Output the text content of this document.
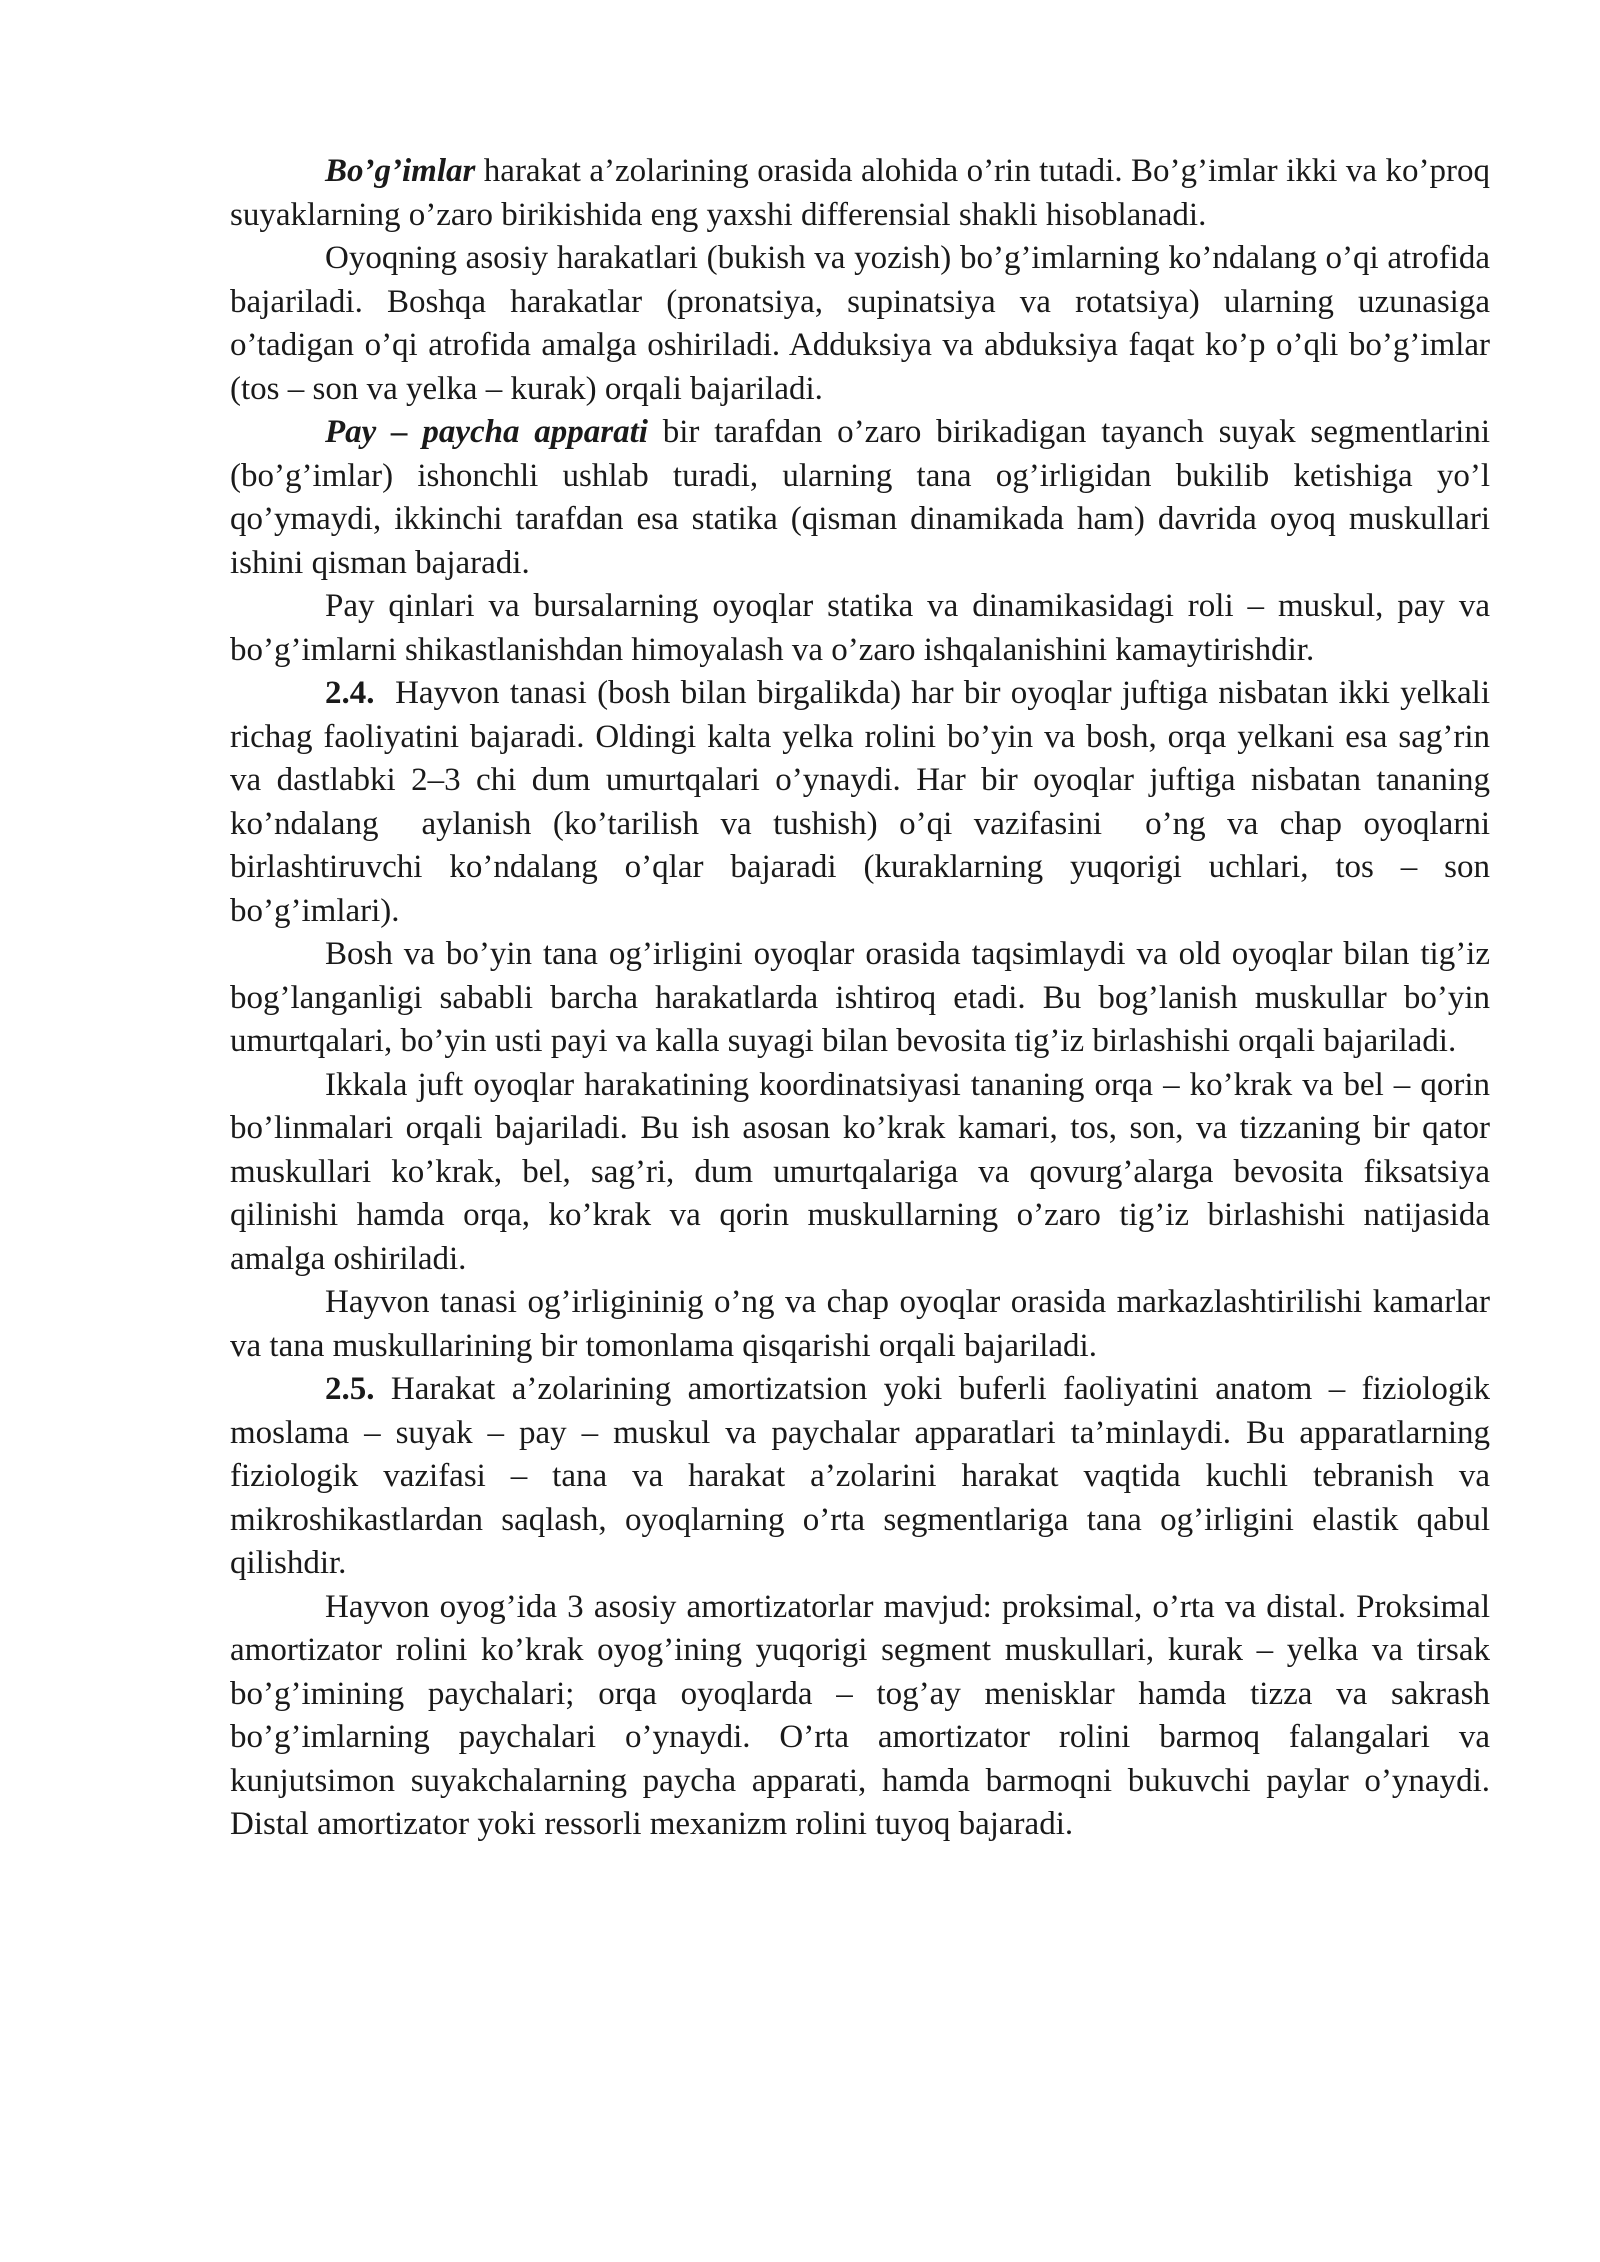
Bo’g’imlar harakat a’zolarining orasida alohida o’rin tutadi. Bo’g’imlar ikki va ko’proq suyaklarning o’zaro birikishida eng yaxshi differensial shakli hisoblanadi.

Oyoqning asosiy harakatlari (bukish va yozish) bo’g’imlarning ko’ndalang o’qi atrofida bajariladi. Boshqa harakatlar (pronatsiya, supinatsiya va rotatsiya) ularning uzunasiga o’tadigan o’qi atrofida amalga oshiriladi. Adduksiya va abduksiya faqat ko’p o’qli bo’g’imlar (tos – son va yelka – kurak) orqali bajariladi.

Pay – paycha apparati bir tarafdan o’zaro birikadigan tayanch suyak segmentlarini (bo’g’imlar) ishonchli ushlab turadi, ularning tana og’irligidan bukilib ketishiga yo’l qo’ymaydi, ikkinchi tarafdan esa statika (qisman dinamikada ham) davrida oyoq muskullari ishini qisman bajaradi.

Pay qinlari va bursalarning oyoqlar statika va dinamikasidagi roli – muskul, pay va bo’g’imlarni shikastlanishdan himoyalash va o’zaro ishqalanishini kamaytirishdir.

2.4.  Hayvon tanasi (bosh bilan birgalikda) har bir oyoqlar juftiga nisbatan ikki yelkali richag faoliyatini bajaradi. Oldingi kalta yelka rolini bo’yin va bosh, orqa yelkani esa sag’rin va dastlabki 2–3 chi dum umurtqalari o’ynaydi. Har bir oyoqlar juftiga nisbatan tananing ko’ndalang  aylanish (ko’tarilish va tushish) o’qi vazifasini  o’ng va chap oyoqlarni birlashtiruvchi ko’ndalang o’qlar bajaradi (kuraklarning yuqorigi uchlari, tos – son bo’g’imlari).

Bosh va bo’yin tana og’irligini oyoqlar orasida taqsimlaydi va old oyoqlar bilan tig’iz bog’langanligi sababli barcha harakatlarda ishtiroq etadi. Bu bog’lanish muskullar bo’yin umurtqalari, bo’yin usti payi va kalla suyagi bilan bevosita tig’iz birlashishi orqali bajariladi.

Ikkala juft oyoqlar harakatining koordinatsiyasi tananing orqa – ko’krak va bel – qorin bo’linmalari orqali bajariladi. Bu ish asosan ko’krak kamari, tos, son, va tizzaning bir qator muskullari ko’krak, bel, sag’ri, dum umurtqalariga va qovurg’alarga bevosita fiksatsiya qilinishi hamda orqa, ko’krak va qorin muskullarning o’zaro tig’iz birlashishi natijasida amalga oshiriladi.

Hayvon tanasi og’irligininig o’ng va chap oyoqlar orasida markazlashtirilishi kamarlar va tana muskullarining bir tomonlama qisqarishi orqali bajariladi.

2.5. Harakat a’zolarining amortizatsion yoki buferli faoliyatini anatom – fiziologik moslama – suyak – pay – muskul va paychalar apparatlari ta’minlaydi. Bu apparatlarning fiziologik vazifasi – tana va harakat a’zolarini harakat vaqtida kuchli tebranish va mikroshikastlardan saqlash, oyoqlarning o’rta segmentlariga tana og’irligini elastik qabul qilishdir.

Hayvon oyog’ida 3 asosiy amortizatorlar mavjud: proksimal, o’rta va distal. Proksimal amortizator rolini ko’krak oyog’ining yuqorigi segment muskullari, kurak – yelka va tirsak bo’g’imining paychalari; orqa oyoqlarda – tog’ay menisklar hamda tizza va sakrash bo’g’imlarning paychalari o’ynaydi. O’rta amortizator rolini barmoq falangalari va kunjutsimon suyakchalarning paycha apparati, hamda barmoqni bukuvchi paylar o’ynaydi. Distal amortizator yoki ressorli mexanizm rolini tuyoq bajaradi.
